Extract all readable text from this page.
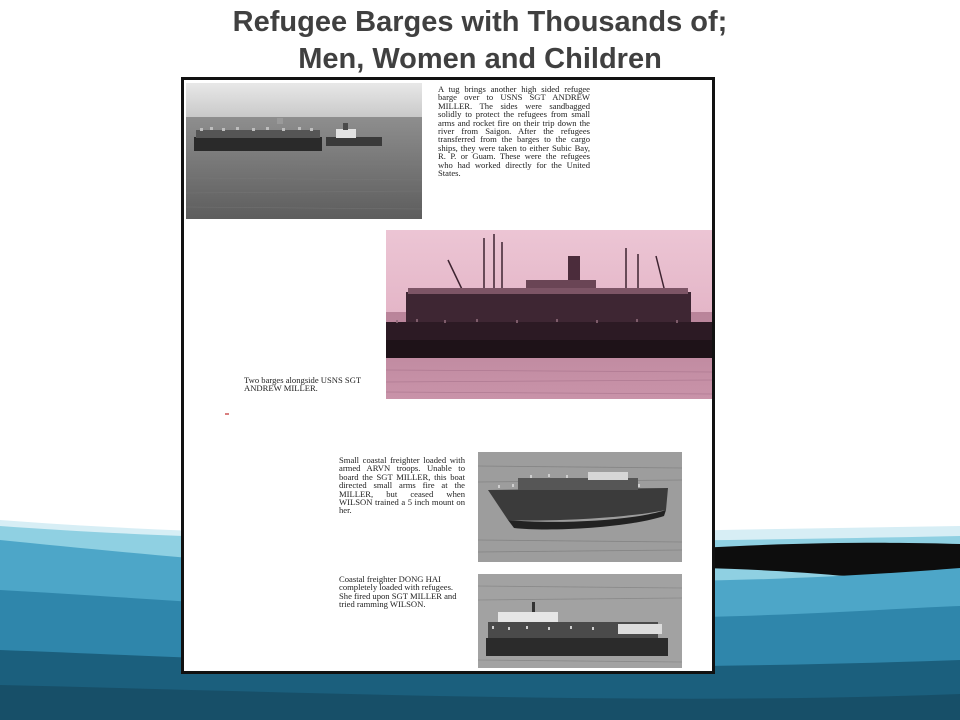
Refugee Barges with Thousands of;
Men, Women and Children

A tug brings another high sided refugee barge over to USNS SGT ANDREW MILLER. The sides were sandbagged solidly to protect the refugees from small arms and rocket fire on their trip down the river from Saigon. After the refugees transferred from the barges to the cargo ships, they were taken to either Subic Bay, R. P. or Guam. These were the refugees who had worked directly for the United States.

Two barges alongside USNS SGT ANDREW MILLER.

Small coastal freighter loaded with armed ARVN troops. Unable to board the SGT MILLER, this boat directed small arms fire at the MILLER, but ceased when WILSON trained a 5 inch mount on her.

Coastal freighter DONG HAI completely loaded with refugees. She fired upon SGT MILLER and tried ramming WILSON.
